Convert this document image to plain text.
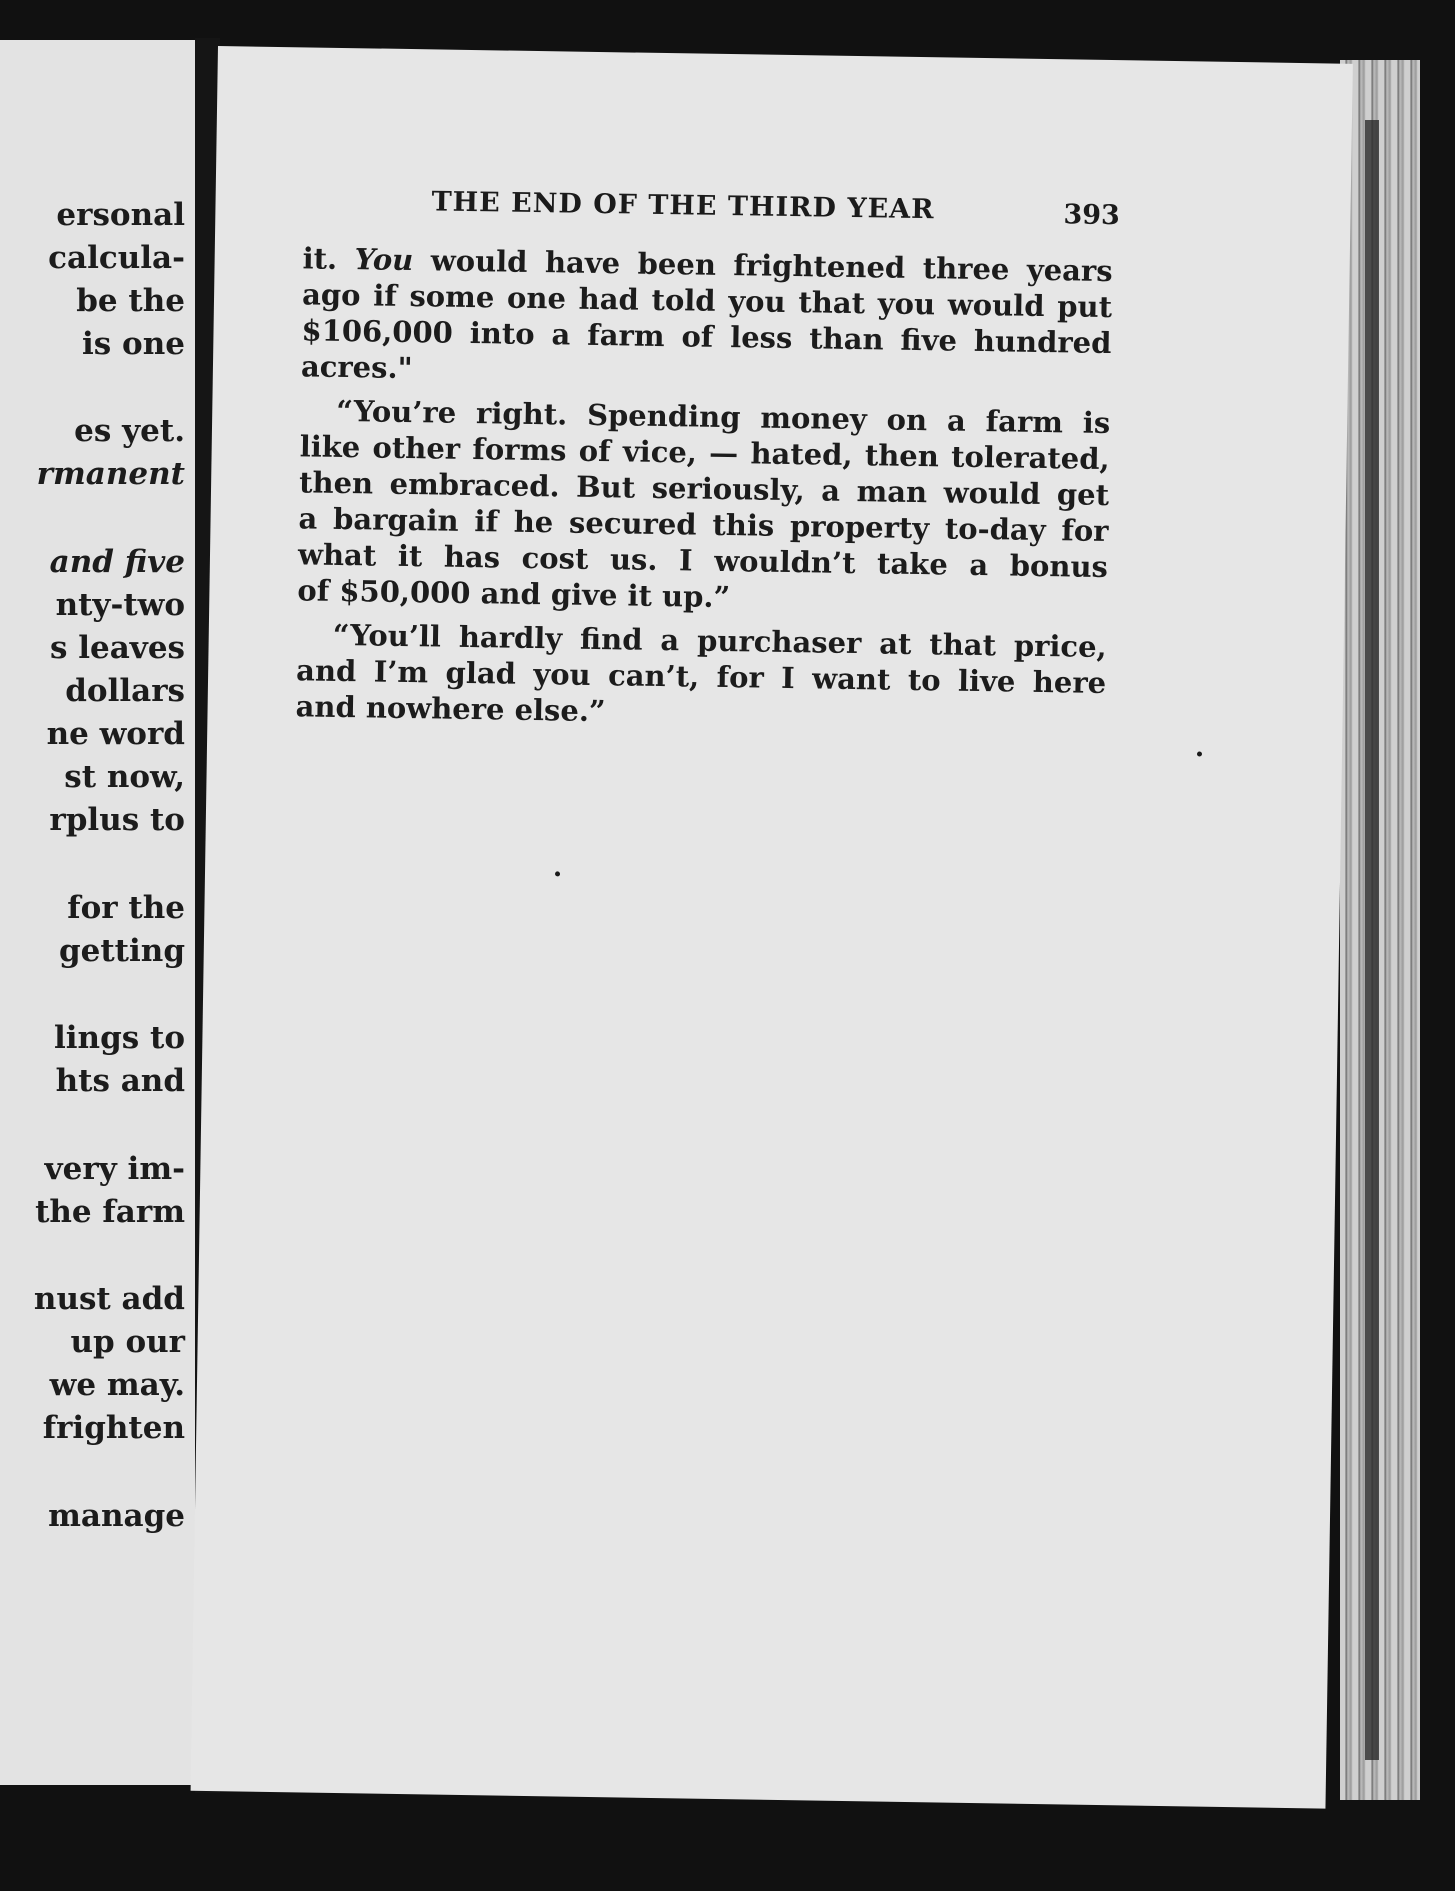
ersonal
calcula-
be the
is one
es yet.
rmanent
and five
nty-two
s leaves
dollars
ne word
st now,
rplus to
for the
getting
lings to
hts and
very im-
the farm
nust add
up our
we may.
frighten
manage
THE END OF THE THIRD YEAR	393
it. You would have been frightened three years
ago if some one had told you that you would put
$106,000 into a farm of less than five hundred
acres."
“You’re right. Spending money on a farm is
like other forms of vice, — hated, then tolerated,
then embraced. But seriously, a man would get
a bargain if he secured this property to-day for
what it has cost us. I wouldn’t take a bonus
of $50,000 and give it up.”
“You’ll hardly find a purchaser at that price,
and I’m glad you can’t, for I want to live here
and nowhere else.”
